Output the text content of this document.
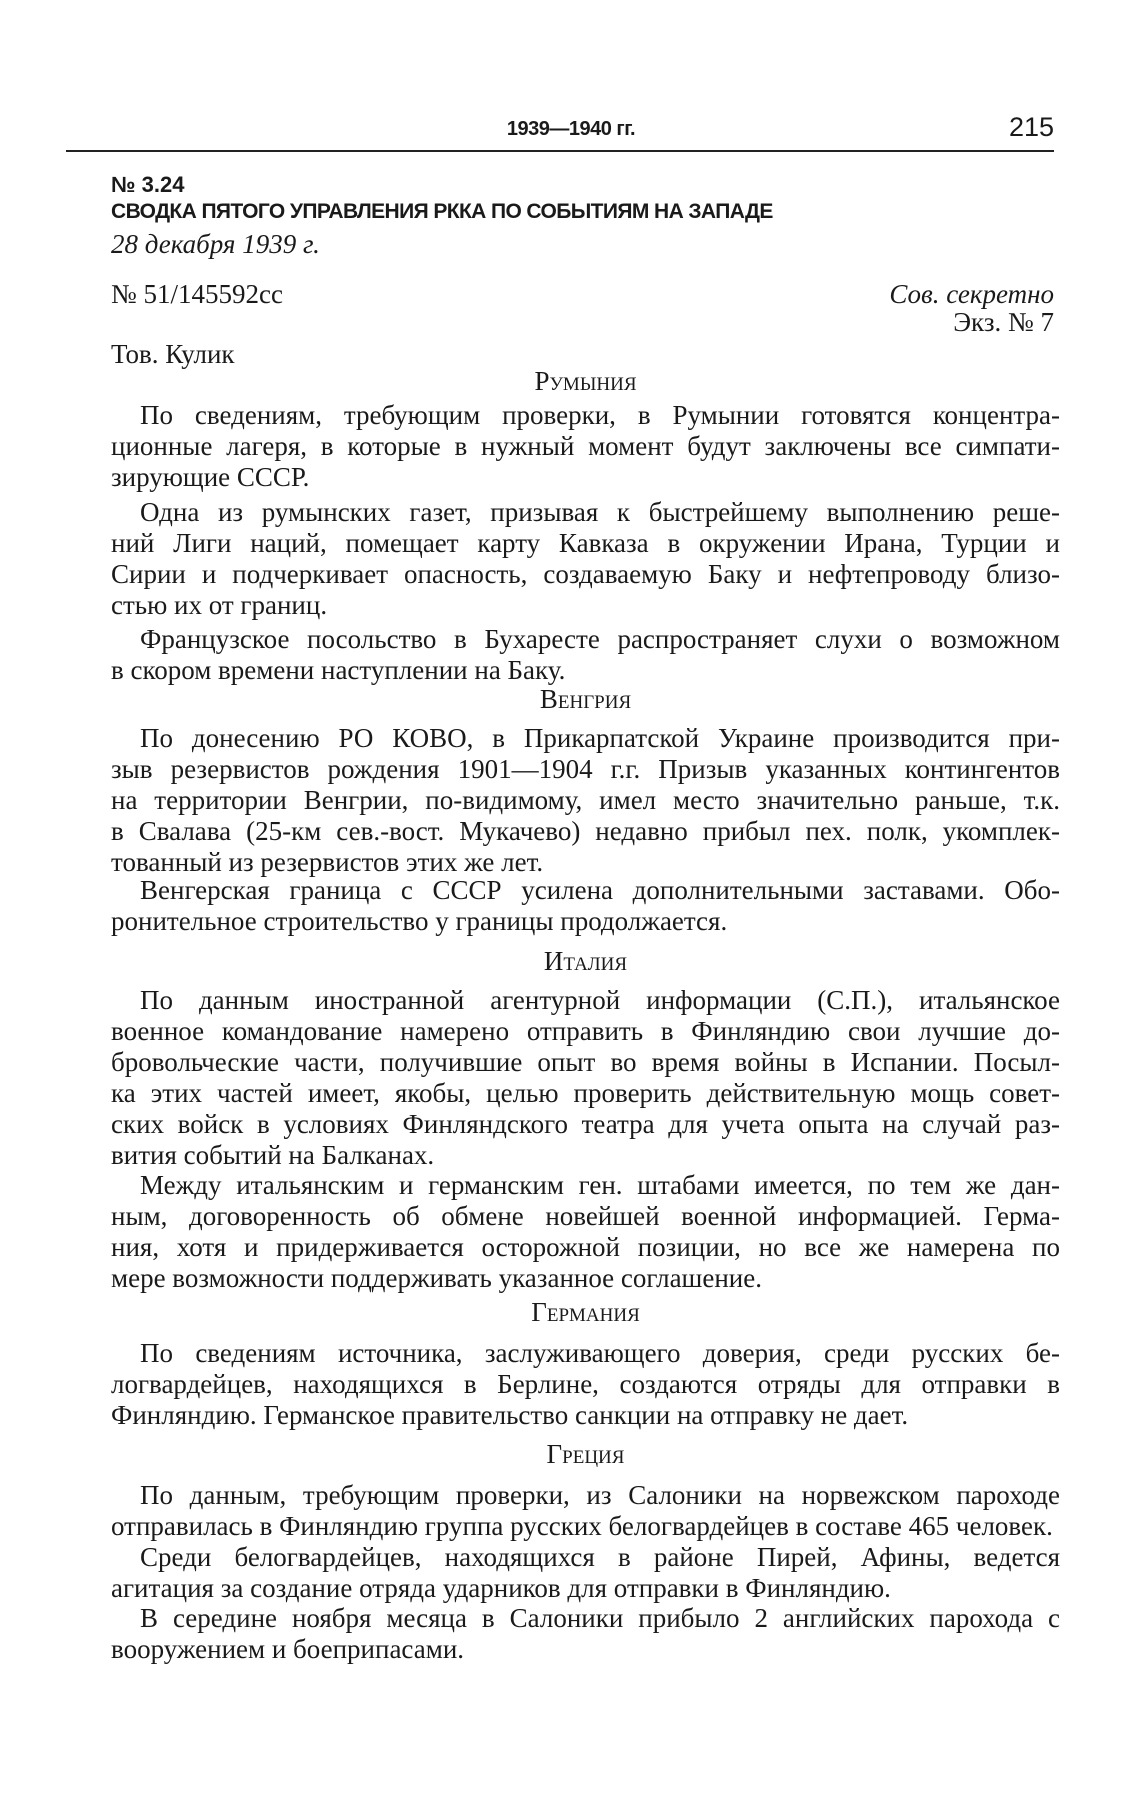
1939—1940 гг.	215
№ 3.24
СВОДКА ПЯТОГО УПРАВЛЕНИЯ РККА ПО СОБЫТИЯМ НА ЗАПАДЕ
28 декабря 1939 г.
№ 51/145592сс	Сов. секретно
Экз. № 7
Тов. Кулик
Румыния
По сведениям, требующим проверки, в Румынии готовятся концентра-
ционные лагеря, в которые в нужный момент будут заключены все симпати-
зирующие СССР.
Одна из румынских газет, призывая к быстрейшему выполнению реше-
ний Лиги наций, помещает карту Кавказа в окружении Ирана, Турции и
Сирии и подчеркивает опасность, создаваемую Баку и нефтепроводу близо-
стью их от границ.
Французское посольство в Бухаресте распространяет слухи о возможном
в скором времени наступлении на Баку.
Венгрия
По донесению РО КОВО, в Прикарпатской Украине производится при-
зыв резервистов рождения 1901—1904 г.г. Призыв указанных контингентов
на территории Венгрии, по-видимому, имел место значительно раньше, т.к.
в Свалава (25-км сев.-вост. Мукачево) недавно прибыл пех. полк, укомплек-
тованный из резервистов этих же лет.
Венгерская граница с СССР усилена дополнительными заставами. Обо-
ронительное строительство у границы продолжается.
Италия
По данным иностранной агентурной информации (С.П.), итальянское
военное командование намерено отправить в Финляндию свои лучшие до-
бровольческие части, получившие опыт во время войны в Испании. Посыл-
ка этих частей имеет, якобы, целью проверить действительную мощь совет-
ских войск в условиях Финляндского театра для учета опыта на случай раз-
вития событий на Балканах.
Между итальянским и германским ген. штабами имеется, по тем же дан-
ным, договоренность об обмене новейшей военной информацией. Герма-
ния, хотя и придерживается осторожной позиции, но все же намерена по
мере возможности поддерживать указанное соглашение.
Германия
По сведениям источника, заслуживающего доверия, среди русских бе-
логвардейцев, находящихся в Берлине, создаются отряды для отправки в
Финляндию. Германское правительство санкции на отправку не дает.
Греция
По данным, требующим проверки, из Салоники на норвежском пароходе
отправилась в Финляндию группа русских белогвардейцев в составе 465 человек.
Среди белогвардейцев, находящихся в районе Пирей, Афины, ведется
агитация за создание отряда ударников для отправки в Финляндию.
В середине ноября месяца в Салоники прибыло 2 английских парохода с
вооружением и боеприпасами.
